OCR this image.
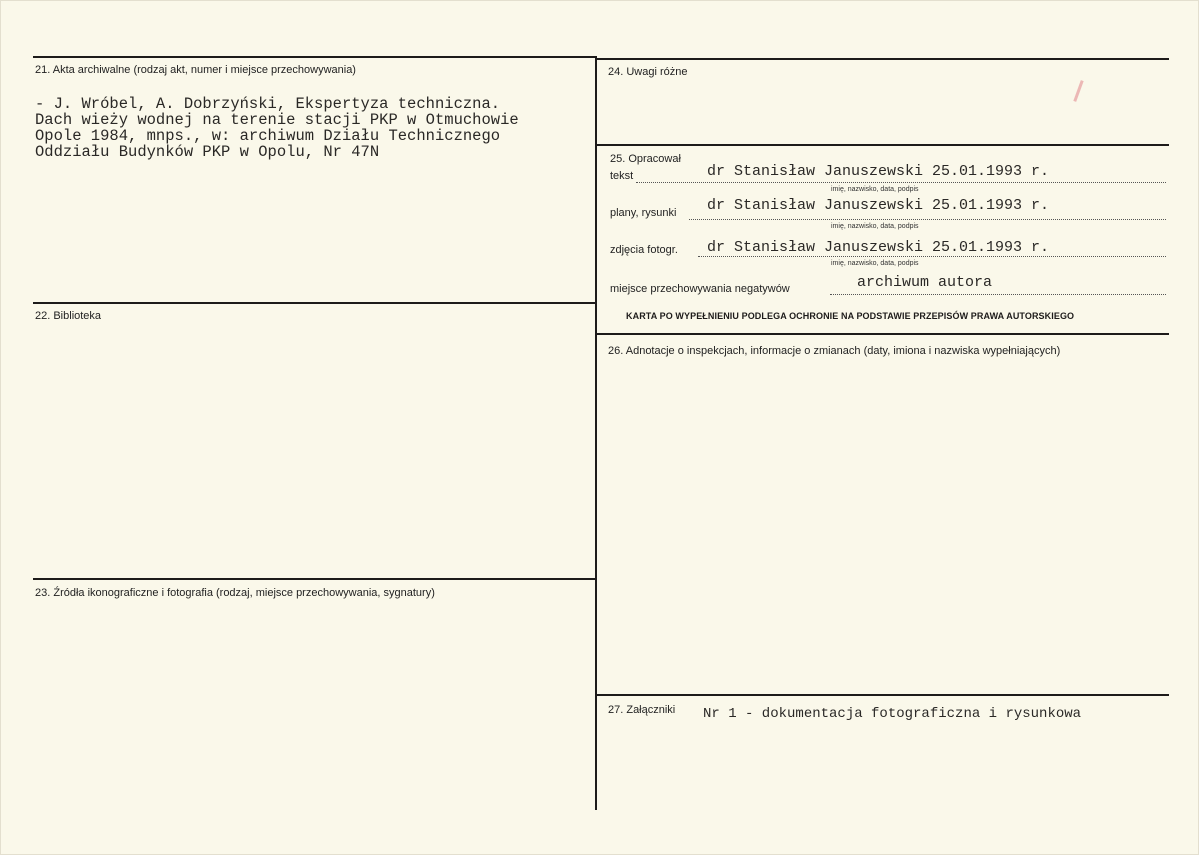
21. Akta archiwalne (rodzaj akt, numer i miejsce przechowywania)
- J. Wróbel, A. Dobrzyński, Ekspertyza techniczna.
Dach wieży wodnej na terenie stacji PKP w Otmuchowie
Opole 1984, mnps., w: archiwum Działu Technicznego
Oddziału Budynków PKP w Opolu, Nr 47N
22. Biblioteka
23. Źródła ikonograficzne i fotografia (rodzaj, miejsce przechowywania, sygnatury)
24. Uwagi różne
25. Opracował
tekst	dr Stanisław Januszewski 25.01.1993 r.
imię, nazwisko, data, podpis
plany, rysunki dr Stanisław Januszewski 25.01.1993 r.
imię, nazwisko, data, podpis
zdjęcia fotogr. dr Stanisław Januszewski 25.01.1993 r.
imię, nazwisko, data, podpis
miejsce przechowywania negatywów	archiwum autora
KARTA PO WYPEŁNIENIU PODLEGA OCHRONIE NA PODSTAWIE PRZEPISÓW PRAWA AUTORSKIEGO
26. Adnotacje o inspekcjach, informacje o zmianach (daty, imiona i nazwiska wypełniających)
27. Załączniki Nr 1 - dokumentacja fotograficzna i rysunkowa
